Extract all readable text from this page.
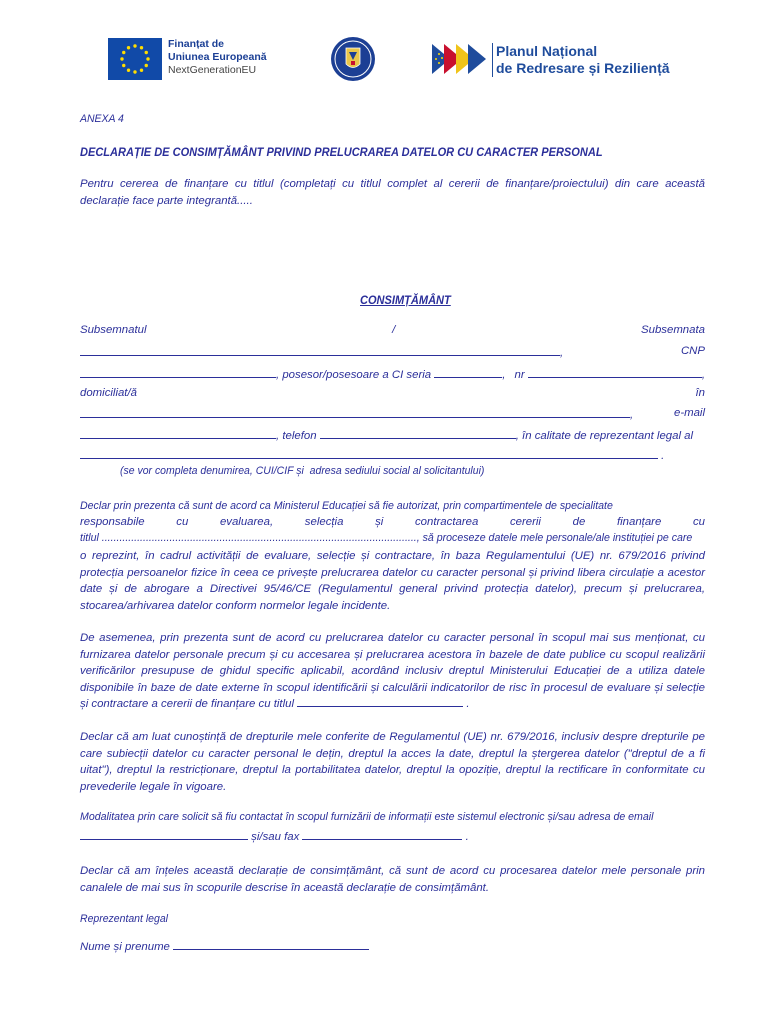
Finanțat de
Uniunea Europeană
NextGenerationEU
Planul Național
de Redresare și Reziliență
ANEXA 4
DECLARAȚIE DE CONSIMȚĂMÂNT PRIVIND PRELUCRAREA DATELOR CU CARACTER PERSONAL
Pentru cererea de finanțare cu titlul (completați cu titlul complet al cererii de finanțare/proiectului) din care această declarație face parte integrantă.....
CONSIMȚĂMÂNT
Subsemnatul	/	Subsemnata
,	CNP
, posesor/posesoare a CI seria	, nr	,
domiciliat/ă	în
,	e-mail
, telefon	, în calitate de reprezentant legal al
.
(se vor completa denumirea, CUI/CIF și  adresa sediului social al solicitantului)
Declar prin prezenta că sunt de acord ca Ministerul Educației să fie autorizat, prin compartimentele de specialitate
responsabile	cu	evaluarea,	selecția	și	contractarea	cererii	de	finanțare	cu
titlul ..........................................................................................................., să proceseze datele mele personale/ale instituției pe care
o reprezint, în cadrul activității de evaluare, selecție și contractare, în baza Regulamentului (UE) nr. 679/2016 privind protecția persoanelor fizice în ceea ce privește prelucrarea datelor cu caracter personal și privind libera circulație a acestor date și de abrogare a Directivei 95/46/CE (Regulamentul general privind protecția datelor), precum și prelucrarea, stocarea/arhivarea datelor conform normelor legale incidente.
De asemenea, prin prezenta sunt de acord cu prelucrarea datelor cu caracter personal în scopul mai sus menționat, cu furnizarea datelor personale precum și cu accesarea și prelucrarea acestora în bazele de date publice cu scopul realizării verificărilor presupuse de ghidul specific aplicabil, acordând inclusiv dreptul Ministerului Educației de a utiliza datele disponibile în baze de date externe în scopul identificării și calculării indicatorilor de risc în procesul de evaluare și selecție și contractare a cererii de finanțare cu titlul	.
Declar că am luat cunoștință de drepturile mele conferite de Regulamentul (UE) nr. 679/2016, inclusiv despre drepturile pe care subiecții datelor cu caracter personal le dețin, dreptul la acces la date, dreptul la ștergerea datelor ("dreptul de a fi uitat"), dreptul la restricționare, dreptul la portabilitatea datelor, dreptul la opoziție, dreptul la rectificare în conformitate cu prevederile legale în vigoare.
Modalitatea prin care solicit să fiu contactat în scopul furnizării de informații este sistemul electronic și/sau adresa de email
și/sau fax	.
Declar că am înțeles această declarație de consimțământ, că sunt de acord cu procesarea datelor mele personale prin canalele de mai sus în scopurile descrise în această declarație de consimțământ.
Reprezentant legal
Nume și prenume
